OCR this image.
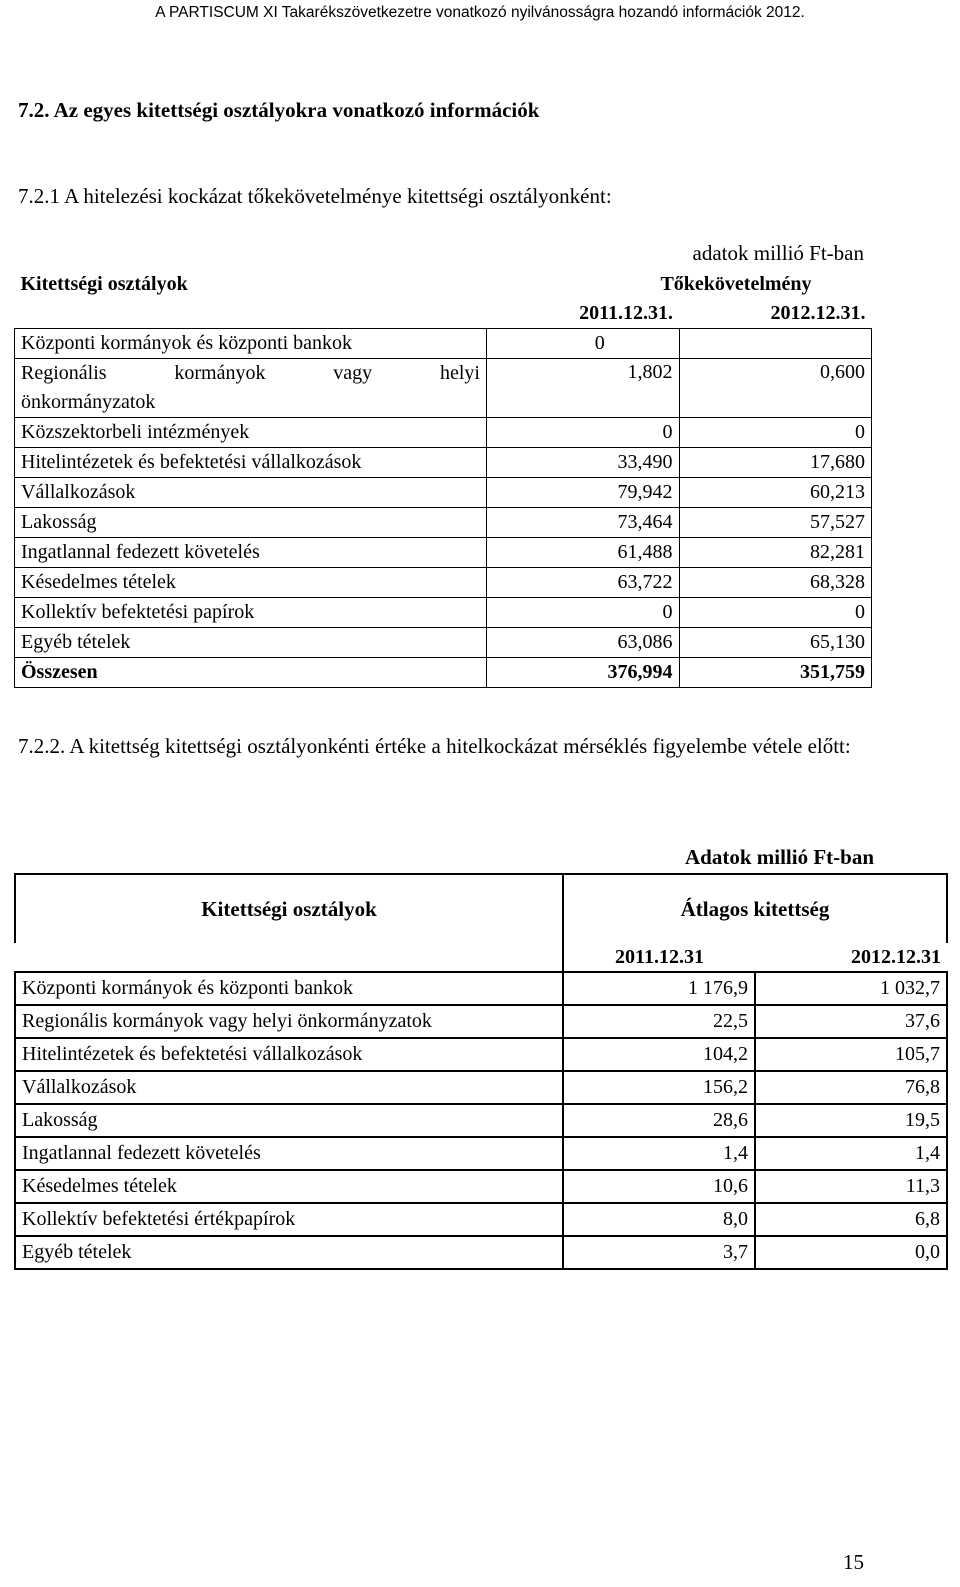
A PARTISCUM XI Takarékszövetkezetre vonatkozó nyilvánosságra hozandó információk 2012.
7.2. Az egyes kitettségi osztályokra vonatkozó információk
7.2.1 A hitelezési kockázat tőkekövetelménye kitettségi osztályonként:
adatok millió Ft-ban
Kitettségi osztályok	Tőkekövetelmény	
	2011.12.31.	2012.12.31.
Központi kormányok és központi bankok	0	

Regionális kormányok vagy helyi
önkormányzatok	1,802	0,600
Közszektorbeli intézmények	0	0
Hitelintézetek és befektetési vállalkozások	33,490	17,680
Vállalkozások	79,942	60,213
Lakosság	73,464	57,527
Ingatlannal fedezett követelés	61,488	82,281
Késedelmes tételek	63,722	68,328
Kollektív befektetési papírok	0	0
Egyéb tételek	63,086	65,130
Összesen	376,994	351,759
7.2.2. A kitettség kitettségi osztályonkénti értéke a hitelkockázat mérséklés figyelembe vétele előtt:
Adatok millió Ft-ban
Kitettségi osztályok	Átlagos kitettség	
	2011.12.31	2012.12.31
Központi kormányok és központi bankok	1 176,9	1 032,7
Regionális kormányok vagy helyi önkormányzatok	22,5	37,6
Hitelintézetek és befektetési vállalkozások	104,2	105,7
Vállalkozások	156,2	76,8
Lakosság	28,6	19,5
Ingatlannal fedezett követelés	1,4	1,4
Késedelmes tételek	10,6	11,3
Kollektív befektetési értékpapírok	8,0	6,8
Egyéb tételek	3,7	0,0
15
